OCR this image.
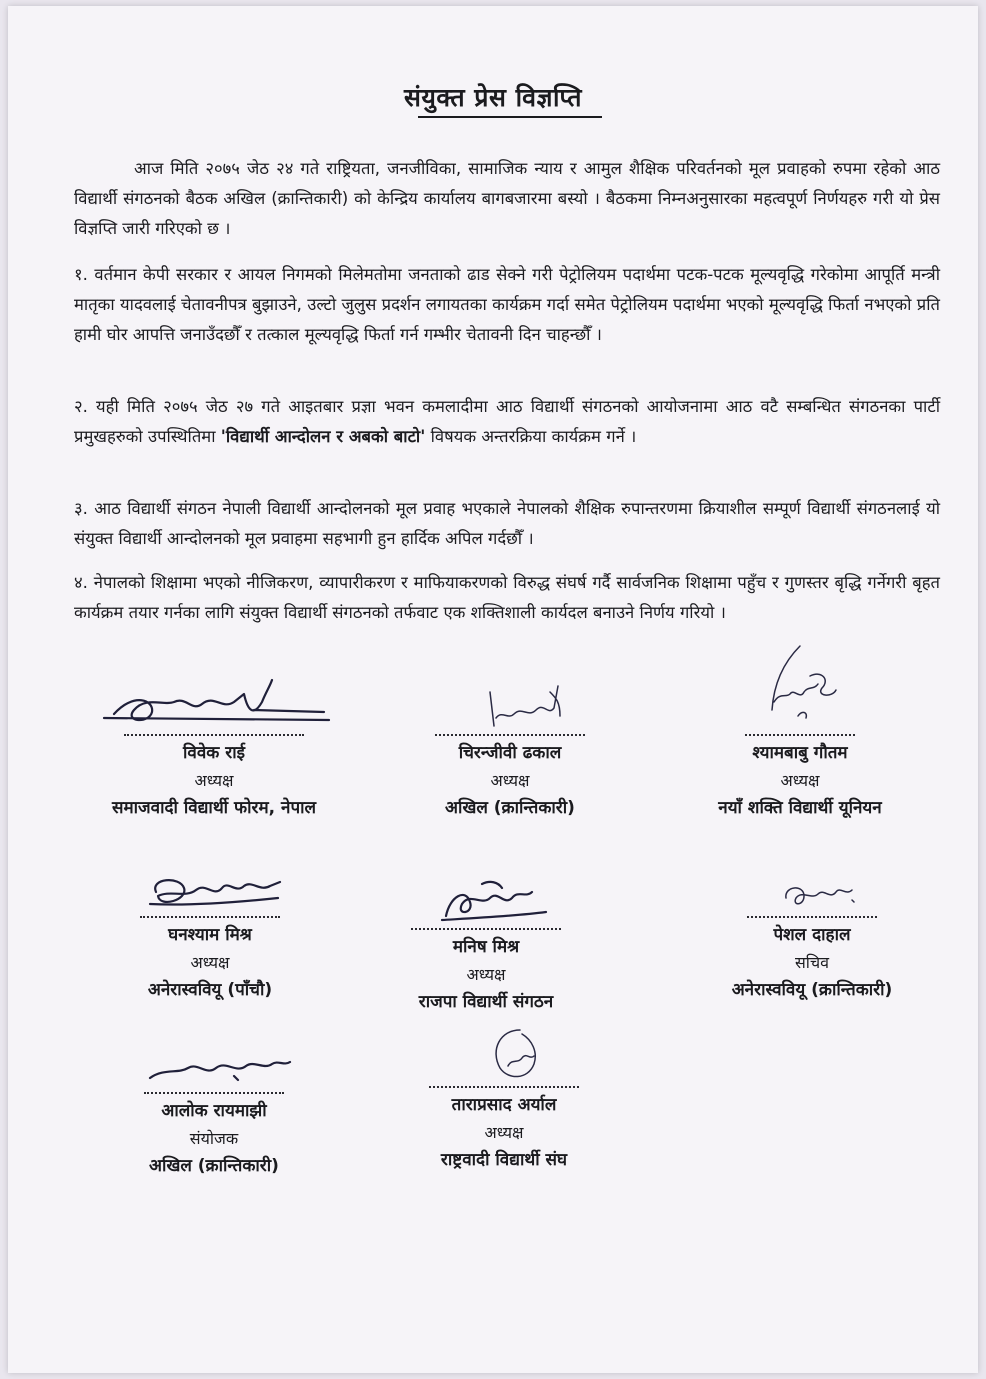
संयुक्त प्रेस विज्ञप्ति
आज मिति २०७५ जेठ २४ गते राष्ट्रियता, जनजीविका, सामाजिक न्याय र आमुल शैक्षिक परिवर्तनको मूल प्रवाहको रुपमा रहेको आठ विद्यार्थी संगठनको बैठक अखिल (क्रान्तिकारी) को केन्द्रिय कार्यालय बागबजारमा बस्यो । बैठकमा निम्नअनुसारका महत्वपूर्ण निर्णयहरु गरी यो प्रेस विज्ञप्ति जारी गरिएको छ ।
१. वर्तमान केपी सरकार र आयल निगमको मिलेमतोमा जनताको ढाड सेक्ने गरी पेट्रोलियम पदार्थमा पटक-पटक मूल्यवृद्धि गरेकोमा आपूर्ति मन्त्री मातृका यादवलाई चेतावनीपत्र बुझाउने, उल्टो जुलुस प्रदर्शन लगायतका कार्यक्रम गर्दा समेत पेट्रोलियम पदार्थमा भएको मूल्यवृद्धि फिर्ता नभएको प्रति हामी घोर आपत्ति जनाउँदछौँ र तत्काल मूल्यवृद्धि फिर्ता गर्न गम्भीर चेतावनी दिन चाहन्छौँ ।
२. यही मिति २०७५ जेठ २७ गते आइतबार प्रज्ञा भवन कमलादीमा आठ विद्यार्थी संगठनको आयोजनामा आठ वटै सम्बन्धित संगठनका पार्टी प्रमुखहरुको उपस्थितिमा 'विद्यार्थी आन्दोलन र अबको बाटो' विषयक अन्तरक्रिया कार्यक्रम गर्ने ।
३. आठ विद्यार्थी संगठन नेपाली विद्यार्थी आन्दोलनको मूल प्रवाह भएकाले नेपालको शैक्षिक रुपान्तरणमा क्रियाशील सम्पूर्ण विद्यार्थी संगठनलाई यो संयुक्त विद्यार्थी आन्दोलनको मूल प्रवाहमा सहभागी हुन हार्दिक अपिल गर्दछौँ ।
४. नेपालको शिक्षामा भएको नीजिकरण, व्यापारीकरण र माफियाकरणको विरुद्ध संघर्ष गर्दै सार्वजनिक शिक्षामा पहुँच र गुणस्तर बृद्धि गर्नेगरी बृहत कार्यक्रम तयार गर्नका लागि संयुक्त विद्यार्थी संगठनको तर्फवाट एक शक्तिशाली कार्यदल बनाउने निर्णय गरियो ।
विवेक राई
अध्यक्ष
समाजवादी विद्यार्थी फोरम, नेपाल
चिरन्जीवी ढकाल
अध्यक्ष
अखिल (क्रान्तिकारी)
श्यामबाबु गौतम
अध्यक्ष
नयाँ शक्ति विद्यार्थी यूनियन
घनश्याम मिश्र
अध्यक्ष
अनेरास्ववियू (पाँचौ)
मनिष मिश्र
अध्यक्ष
राजपा विद्यार्थी संगठन
पेशल दाहाल
सचिव
अनेरास्ववियू (क्रान्तिकारी)
आलोक रायमाझी
संयोजक
अखिल (क्रान्तिकारी)
ताराप्रसाद अर्याल
अध्यक्ष
राष्ट्रवादी विद्यार्थी संघ
